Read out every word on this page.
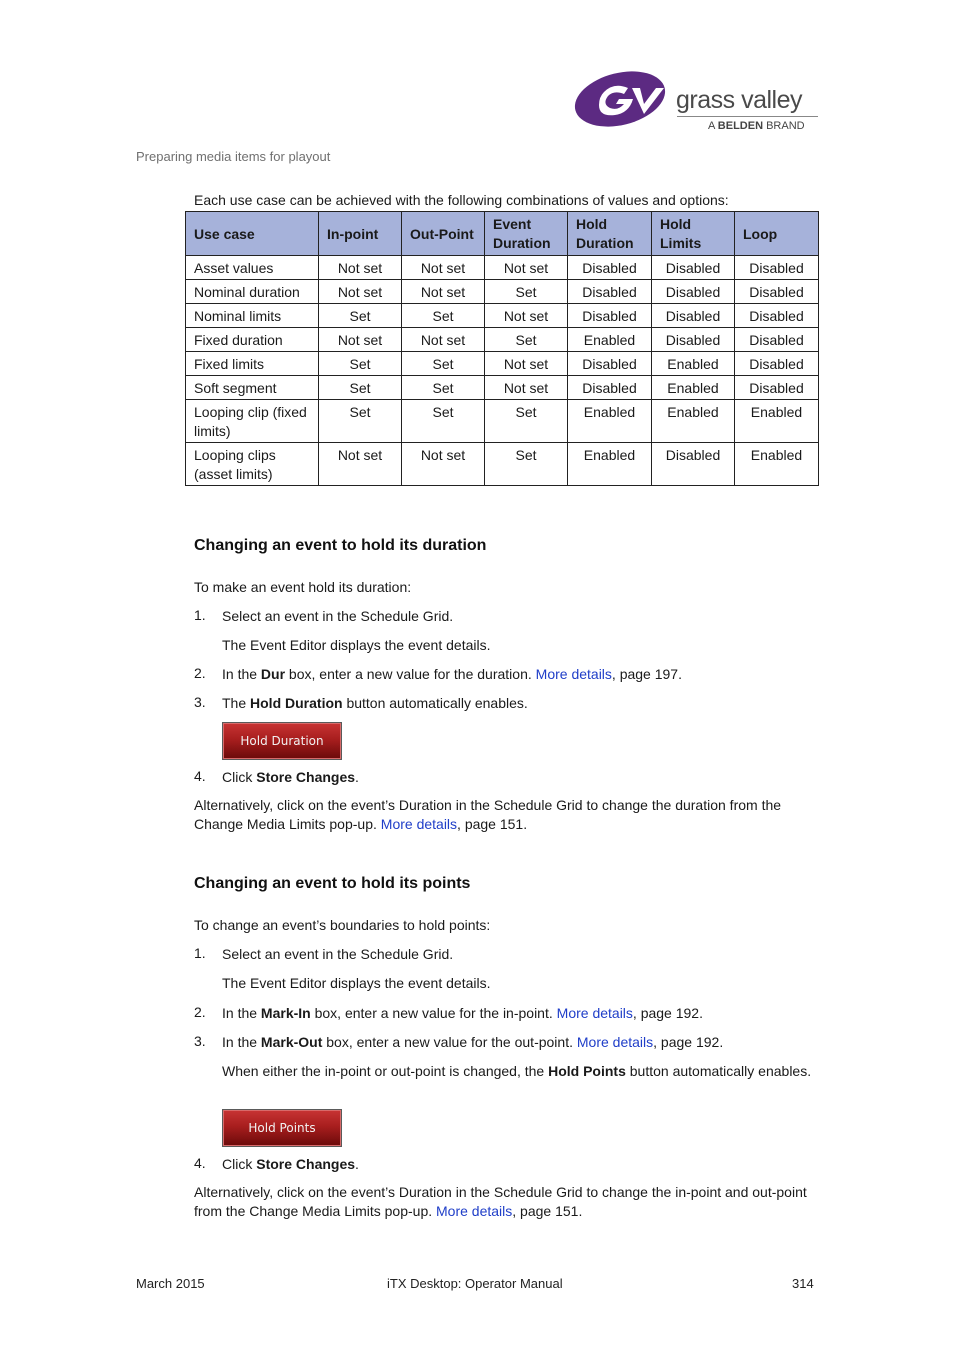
grass valley
A BELDEN BRAND
Preparing media items for playout
Each use case can be achieved with the following combinations of values and options:
Use case	In-point	Out-Point	Event Duration	Hold Duration	Hold Limits	Loop
Asset values	Not set	Not set	Not set	Disabled	Disabled	Disabled
Nominal duration	Not set	Not set	Set	Disabled	Disabled	Disabled
Nominal limits	Set	Set	Not set	Disabled	Disabled	Disabled
Fixed duration	Not set	Not set	Set	Enabled	Disabled	Disabled
Fixed limits	Set	Set	Not set	Disabled	Enabled	Disabled
Soft segment	Set	Set	Not set	Disabled	Enabled	Disabled
Looping clip (fixed limits)	Set	Set	Set	Enabled	Enabled	Enabled
Looping clips (asset limits)	Not set	Not set	Set	Enabled	Disabled	Enabled
Changing an event to hold its duration

To make an event hold its duration:

1. Select an event in the Schedule Grid.

The Event Editor displays the event details.

2. In the Dur box, enter a new value for the duration. More details, page 197.

3. The Hold Duration button automatically enables.

Hold Duration
4. Click Store Changes.

Alternatively, click on the event’s Duration in the Schedule Grid to change the duration from the Change Media Limits pop-up. More details, page 151.

Changing an event to hold its points

To change an event’s boundaries to hold points:

1. Select an event in the Schedule Grid.

The Event Editor displays the event details.

2. In the Mark-In box, enter a new value for the in-point. More details, page 192.

3. In the Mark-Out box, enter a new value for the out-point. More details, page 192.

When either the in-point or out-point is changed, the Hold Points button automatically enables.

Hold Points
4. Click Store Changes.

Alternatively, click on the event’s Duration in the Schedule Grid to change the in-point and out-point from the Change Media Limits pop-up. More details, page 151.

March 2015	iTX Desktop: Operator Manual	314
